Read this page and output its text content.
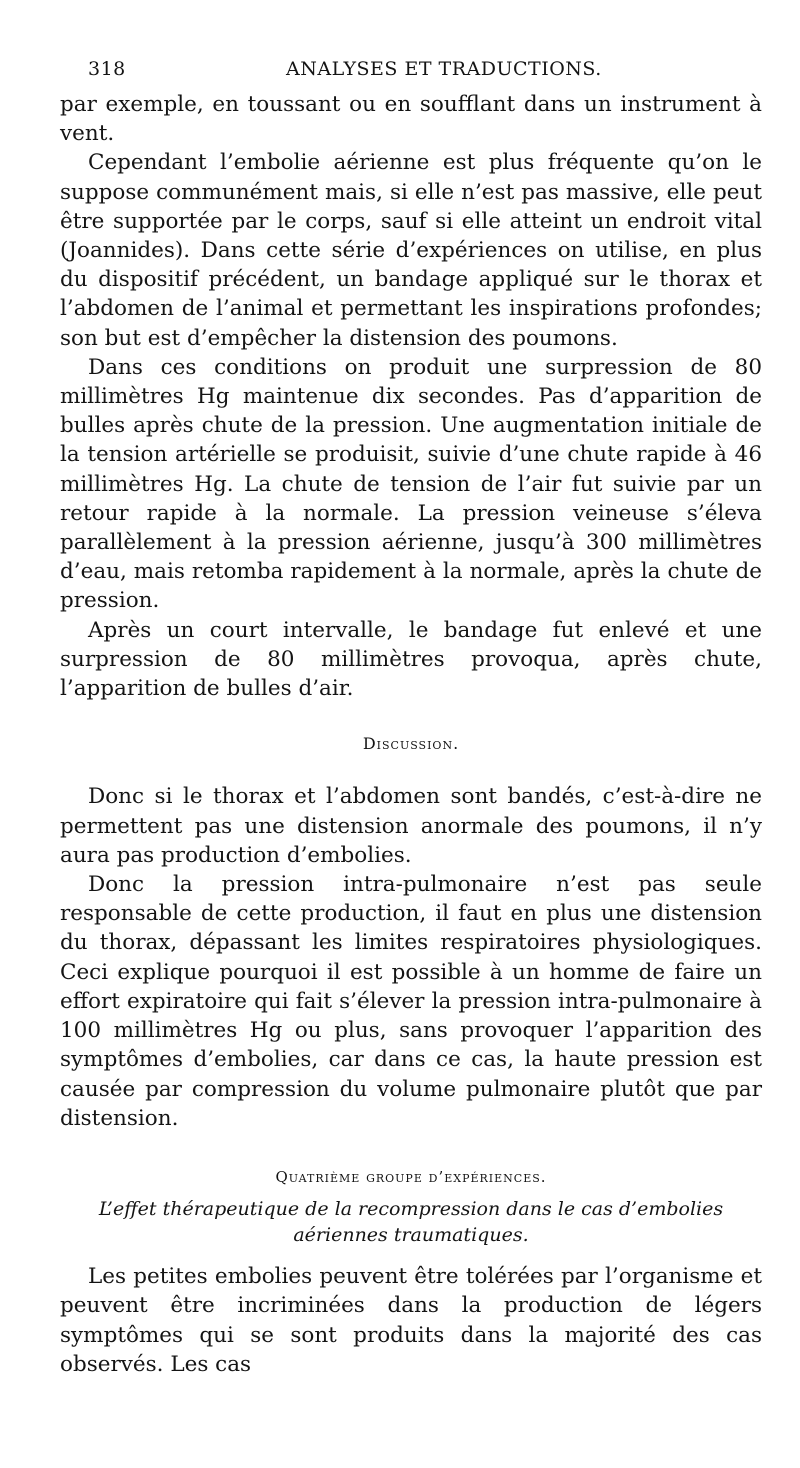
318	ANALYSES ET TRADUCTIONS.

par exemple, en toussant ou en soufflant dans un instrument à vent.

Cependant l’embolie aérienne est plus fréquente qu’on le suppose communément mais, si elle n’est pas massive, elle peut être supportée par le corps, sauf si elle atteint un endroit vital (Joannides). Dans cette série d’expériences on utilise, en plus du dispositif précédent, un bandage appliqué sur le thorax et l’abdomen de l’animal et permettant les inspirations profondes; son but est d’empêcher la distension des poumons.

Dans ces conditions on produit une surpression de 80 millimètres Hg maintenue dix secondes. Pas d’apparition de bulles après chute de la pression. Une augmentation initiale de la tension artérielle se produisit, suivie d’une chute rapide à 46 millimètres Hg. La chute de tension de l’air fut suivie par un retour rapide à la normale. La pression veineuse s’éleva parallèlement à la pression aérienne, jusqu’à 300 millimètres d’eau, mais retomba rapidement à la normale, après la chute de pression.

Après un court intervalle, le bandage fut enlevé et une surpression de 80 millimètres provoqua, après chute, l’apparition de bulles d’air.

Discussion.

Donc si le thorax et l’abdomen sont bandés, c’est-à-dire ne permettent pas une distension anormale des poumons, il n’y aura pas production d’embolies.

Donc la pression intra-pulmonaire n’est pas seule responsable de cette production, il faut en plus une distension du thorax, dépassant les limites respiratoires physiologiques. Ceci explique pourquoi il est possible à un homme de faire un effort expiratoire qui fait s’élever la pression intra-pulmonaire à 100 millimètres Hg ou plus, sans provoquer l’apparition des symptômes d’embolies, car dans ce cas, la haute pression est causée par compression du volume pulmonaire plutôt que par distension.

Quatrième groupe d’expériences.
L’effet thérapeutique de la recompression dans le cas d’embolies aériennes traumatiques.

Les petites embolies peuvent être tolérées par l’organisme et peuvent être incriminées dans la production de légers symptômes qui se sont produits dans la majorité des cas observés. Les cas
